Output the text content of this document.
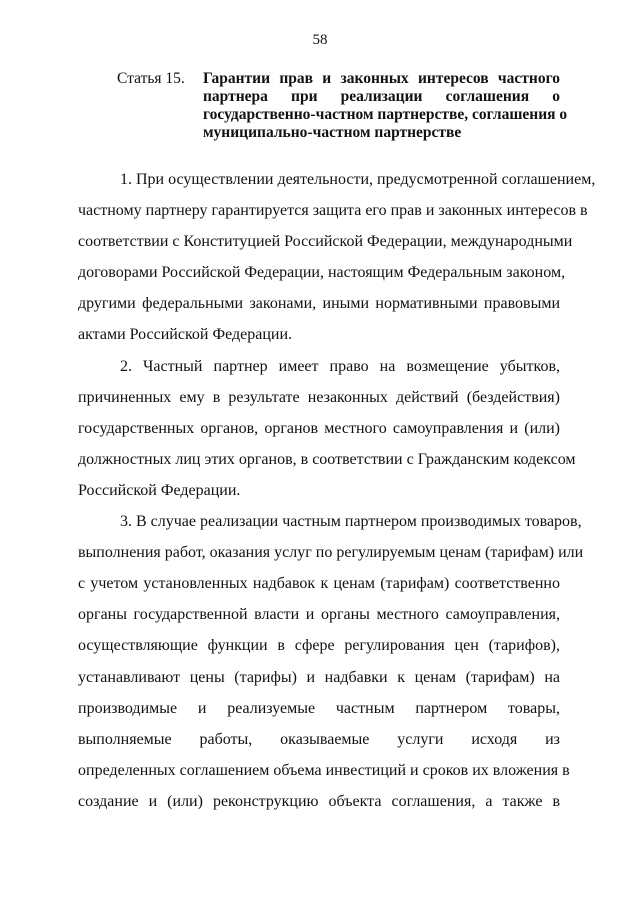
58
Статья 15. Гарантии прав и законных интересов частного
партнера при реализации соглашения о
государственно-частном партнерстве, соглашения о
муниципально-частном партнерстве
1. При осуществлении деятельности, предусмотренной соглашением,
частному партнеру гарантируется защита его прав и законных интересов в
соответствии с Конституцией Российской Федерации, международными
договорами Российской Федерации, настоящим Федеральным законом,
другими федеральными законами, иными нормативными правовыми
актами Российской Федерации.
2. Частный партнер имеет право на возмещение убытков,
причиненных ему в результате незаконных действий (бездействия)
государственных органов, органов местного самоуправления и (или)
должностных лиц этих органов, в соответствии с Гражданским кодексом
Российской Федерации.
3. В случае реализации частным партнером производимых товаров,
выполнения работ, оказания услуг по регулируемым ценам (тарифам) или
с учетом установленных надбавок к ценам (тарифам) соответственно
органы государственной власти и органы местного самоуправления,
осуществляющие функции в сфере регулирования цен (тарифов),
устанавливают цены (тарифы) и надбавки к ценам (тарифам) на
производимые и реализуемые частным партнером товары,
выполняемые работы, оказываемые услуги исходя из
определенных соглашением объема инвестиций и сроков их вложения в
создание и (или) реконструкцию объекта соглашения, а также в
